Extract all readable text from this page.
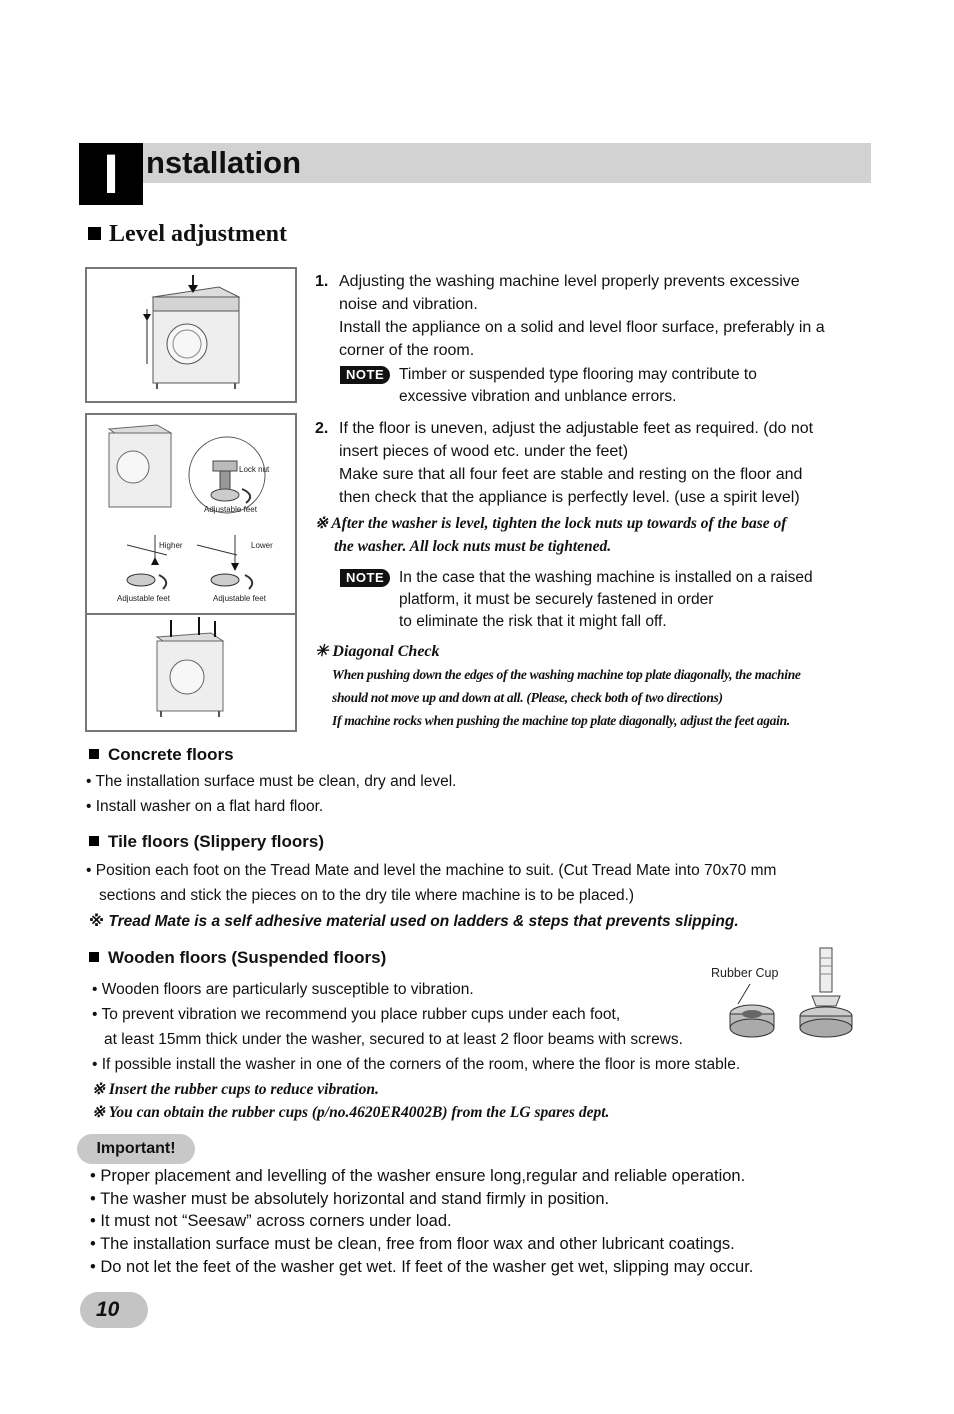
I nstallation
Level adjustment
Lock nut
Adjustable feet
Higher	Lower
Adjustable feet	Adjustable feet
1. Adjusting the washing machine level properly prevents excessive
noise and vibration.
Install the appliance on a solid and level floor surface, preferably in a
corner of the room.
NOTE Timber or suspended type flooring may contribute to
excessive vibration and unblance errors.
2. If the floor is uneven, adjust the adjustable feet as required. (do not
insert pieces of wood etc. under the feet)
Make sure that all four feet are stable and resting on the floor and
then check that the appliance is perfectly level. (use a spirit level)
※ After the washer is level, tighten the lock nuts up towards of the base of
the washer. All lock nuts must be tightened.
NOTE In the case that the washing machine is installed on a raised
platform, it must be securely fastened in order
to eliminate the risk that it might fall off.
✳ Diagonal Check
When pushing down the edges of the washing machine top plate diagonally, the machine
should not move up and down at all. (Please, check both of two directions)
If machine rocks when pushing the machine top plate diagonally, adjust the feet again.
Concrete floors
• The installation surface must be clean, dry and level.
• Install washer on a flat hard floor.
Tile floors (Slippery floors)
• Position each foot on the Tread Mate and level the machine to suit. (Cut Tread Mate into 70x70 mm
sections and stick the pieces on to the dry tile where machine is to be placed.)
※ Tread Mate is a self adhesive material used on ladders & steps that prevents slipping.
Wooden floors (Suspended floors)
• Wooden floors are particularly susceptible to vibration.
• To prevent vibration we recommend you place rubber cups under each foot,
at least 15mm thick under the washer, secured to at least 2 floor beams with screws.
• If possible install the washer in one of the corners of the room, where the floor is more stable.
※ Insert the rubber cups to reduce vibration.
※ You can obtain the rubber cups (p/no.4620ER4002B) from the LG spares dept.
Rubber Cup
Important!
• Proper placement and levelling of the washer ensure long,regular and reliable operation.
• The washer must be absolutely horizontal and stand firmly in position.
• It must not “Seesaw” across corners under load.
• The installation surface must be clean, free from floor wax and other lubricant coatings.
• Do not let the feet of the washer get wet. If feet of the washer get wet, slipping may occur.
10
